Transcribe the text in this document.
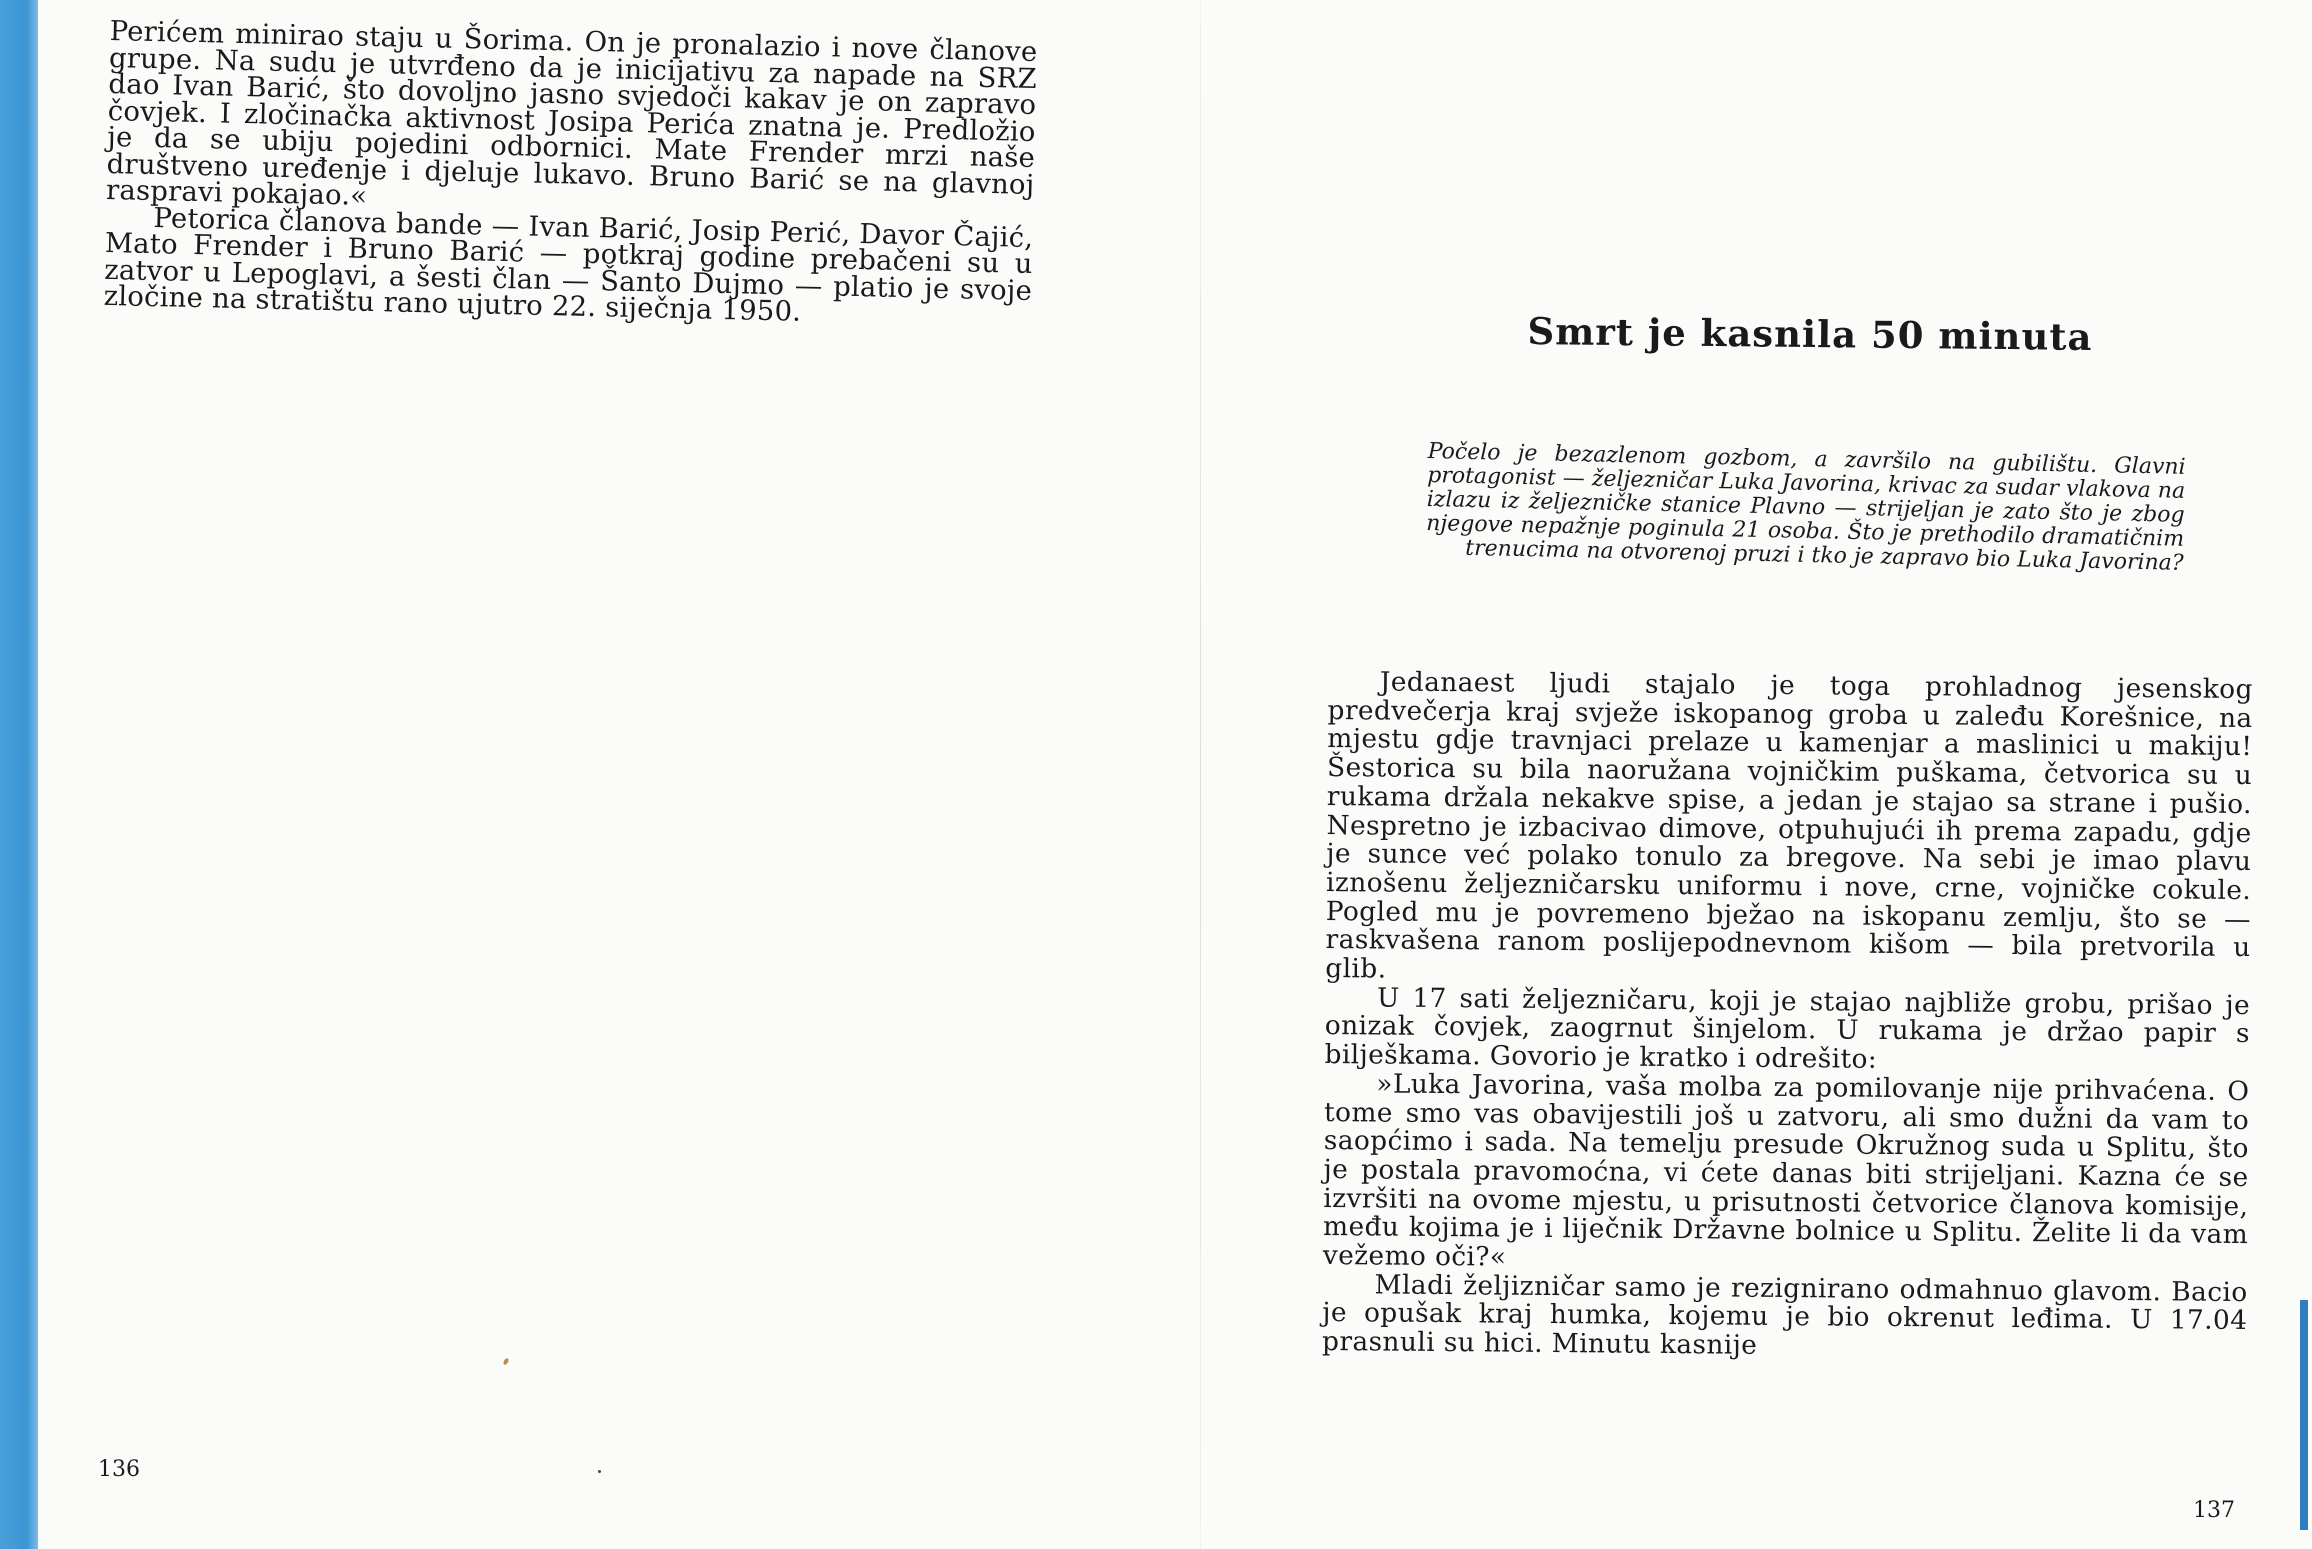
Perićem minirao staju u Šorima. On je pronalazio i nove članove grupe. Na sudu je utvrđeno da je inicijativu za napade na SRZ dao Ivan Barić, što dovoljno jasno svjedoči kakav je on zapravo čovjek. I zločinačka aktivnost Josipa Perića znatna je. Predložio je da se ubiju pojedini odbornici. Mate Frender mrzi naše društveno uređenje i djeluje lukavo. Bruno Barić se na glavnoj raspravi pokajao.«

Petorica članova bande — Ivan Barić, Josip Perić, Davor Čajić, Mato Frender i Bruno Barić — potkraj godine prebačeni su u zatvor u Lepoglavi, a šesti član — Šanto Dujmo — platio je svoje zločine na stratištu rano ujutro 22. siječnja 1950.

136

Smrt je kasnila 50 minuta

Počelo je bezazlenom gozbom, a završilo na gubilištu. Glavni protagonist — željezničar Luka Javorina, krivac za sudar vlakova na izlazu iz željezničke stanice Plavno — strijeljan je zato što je zbog njegove nepažnje poginula 21 osoba. Što je prethodilo dramatičnim trenucima na otvorenoj pruzi i tko je zapravo bio Luka Javorina?

Jedanaest ljudi stajalo je toga prohladnog jesenskog predvečerja kraj svježe iskopanog groba u zaleđu Korešnice, na mjestu gdje travnjaci prelaze u kamenjar a maslinici u makiju! Šestorica su bila naoružana vojničkim puškama, četvorica su u rukama držala nekakve spise, a jedan je stajao sa strane i pušio. Nespretno je izbacivao dimove, otpuhujući ih prema zapadu, gdje je sunce već polako tonulo za bregove. Na sebi je imao plavu iznošenu željezničarsku uniformu i nove, crne, vojničke cokule. Pogled mu je povremeno bježao na iskopanu zemlju, što se — raskvašena ranom poslijepodnevnom kišom — bila pretvorila u glib.

U 17 sati željezničaru, koji je stajao najbliže grobu, prišao je onizak čovjek, zaogrnut šinjelom. U rukama je držao papir s bilješkama. Govorio je kratko i odrešito:

»Luka Javorina, vaša molba za pomilovanje nije prihvaćena. O tome smo vas obavijestili još u zatvoru, ali smo dužni da vam to saopćimo i sada. Na temelju presude Okružnog suda u Splitu, što je postala pravomoćna, vi ćete danas biti strijeljani. Kazna će se izvršiti na ovome mjestu, u prisutnosti četvorice članova komisije, među kojima je i liječnik Državne bolnice u Splitu. Želite li da vam vežemo oči?«

Mladi želјizničar samo je rezignirano odmahnuo glavom. Bacio je opušak kraj humka, kojemu je bio okrenut leđima. U 17.04 prasnuli su hici. Minutu kasnije

137
